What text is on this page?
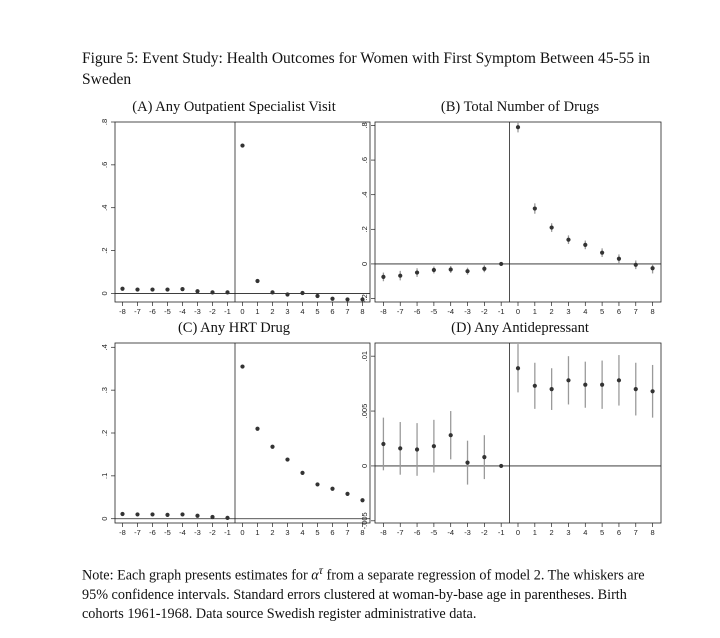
Figure 5: Event Study: Health Outcomes for Women with First Symptom Between 45-55 in Sweden
(A) Any Outpatient Specialist Visit	(B) Total Number of Drugs
(C) Any HRT Drug	(D) Any Antidepressant
0
.2
.4
.6
.8
-8 -7 -6 -5 -4 -3 -2 -1 0 1 2 3 4 5 6 7 8
-.2
0
.2
.4
.6
.8
-8 -7 -6 -5 -4 -3 -2 -1 0 1 2 3 4 5 6 7 8
0
.1
.2
.3
.4
-8 -7 -6 -5 -4 -3 -2 -1 0 1 2 3 4 5 6 7 8
-.005
0
.005
.01
-8 -7 -6 -5 -4 -3 -2 -1 0 1 2 3 4 5 6 7 8
Note: Each graph presents estimates for $\alpha^\tau$ from a separate regression of model 2. The whiskers are 95% confidence intervals. Standard errors clustered at woman-by-base age in parentheses. Birth cohorts 1961-1968. Data source Swedish register administrative data.
